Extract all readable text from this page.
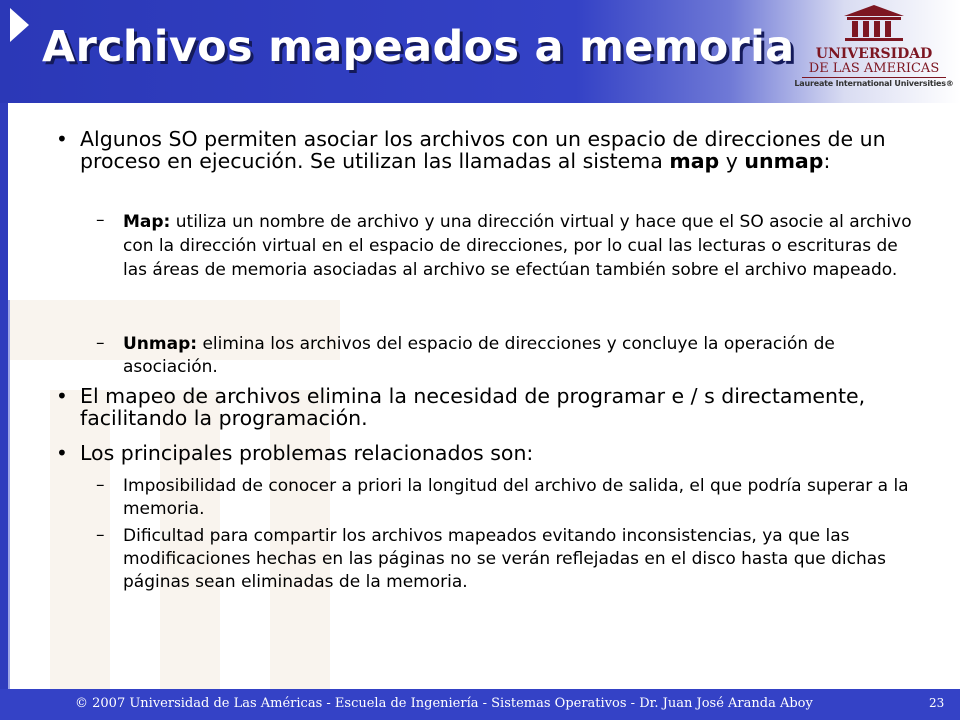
Archivos mapeados a memoria	UNIVERSIDAD
DE LAS AMERICAS
Laureate International Universities®
• Algunos SO permiten asociar los archivos con un espacio de direcciones de un proceso en ejecución. Se utilizan las llamadas al sistema map y unmap:

– Map: utiliza un nombre de archivo y una dirección virtual y hace que el SO asocie al archivo con la dirección virtual en el espacio de direcciones, por lo cual las lecturas o escrituras de las áreas de memoria asociadas al archivo se efectúan también sobre el archivo mapeado.

– Unmap: elimina los archivos del espacio de direcciones y concluye la operación de asociación.

• El mapeo de archivos elimina la necesidad de programar e / s directamente, facilitando la programación.

• Los principales problemas relacionados son:

– Imposibilidad de conocer a priori la longitud del archivo de salida, el que podría superar a la memoria.

– Dificultad para compartir los archivos mapeados evitando inconsistencias, ya que las modificaciones hechas en las páginas no se verán reflejadas en el disco hasta que dichas páginas sean eliminadas de la memoria.

© 2007 Universidad de Las Américas - Escuela de Ingeniería - Sistemas Operativos - Dr. Juan José Aranda Aboy	23
